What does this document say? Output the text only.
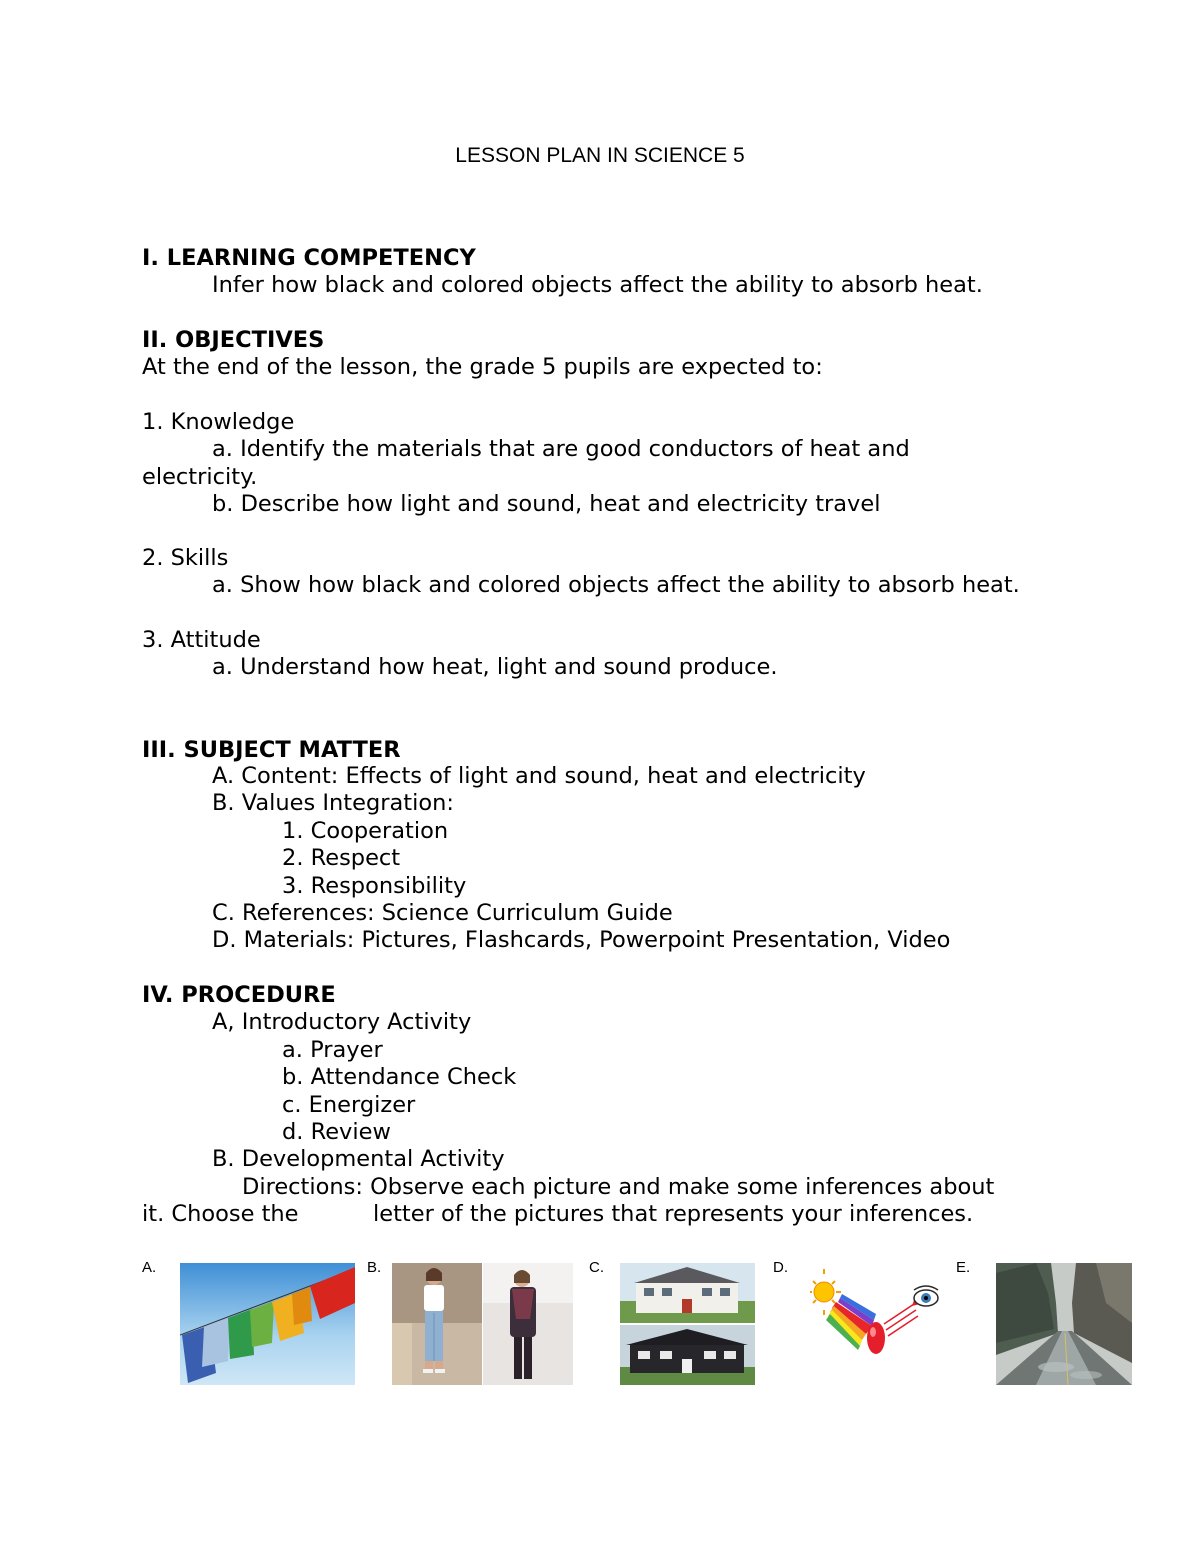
LESSON PLAN IN SCIENCE 5
I. LEARNING COMPETENCY
Infer how black and colored objects affect the ability to absorb heat.
II. OBJECTIVES
At the end of the lesson, the grade 5 pupils are expected to:
1. Knowledge
a. Identify the materials that are good conductors of heat and
electricity.
b. Describe how light and sound, heat and electricity travel
2. Skills
a. Show how black and colored objects affect the ability to absorb heat.
3. Attitude
a. Understand how heat, light and sound produce.
III. SUBJECT MATTER
A. Content: Effects of light and sound, heat and electricity
B. Values Integration:
1. Cooperation
2. Respect
3. Responsibility
C. References: Science Curriculum Guide
D. Materials: Pictures, Flashcards, Powerpoint Presentation, Video
IV. PROCEDURE
A, Introductory Activity
a. Prayer
b. Attendance Check
c. Energizer
d. Review
B. Developmental Activity
Directions: Observe each picture and make some inferences about
it. Choose the	letter of the pictures that represents your inferences.
A.	B.	C.	D.	E.
